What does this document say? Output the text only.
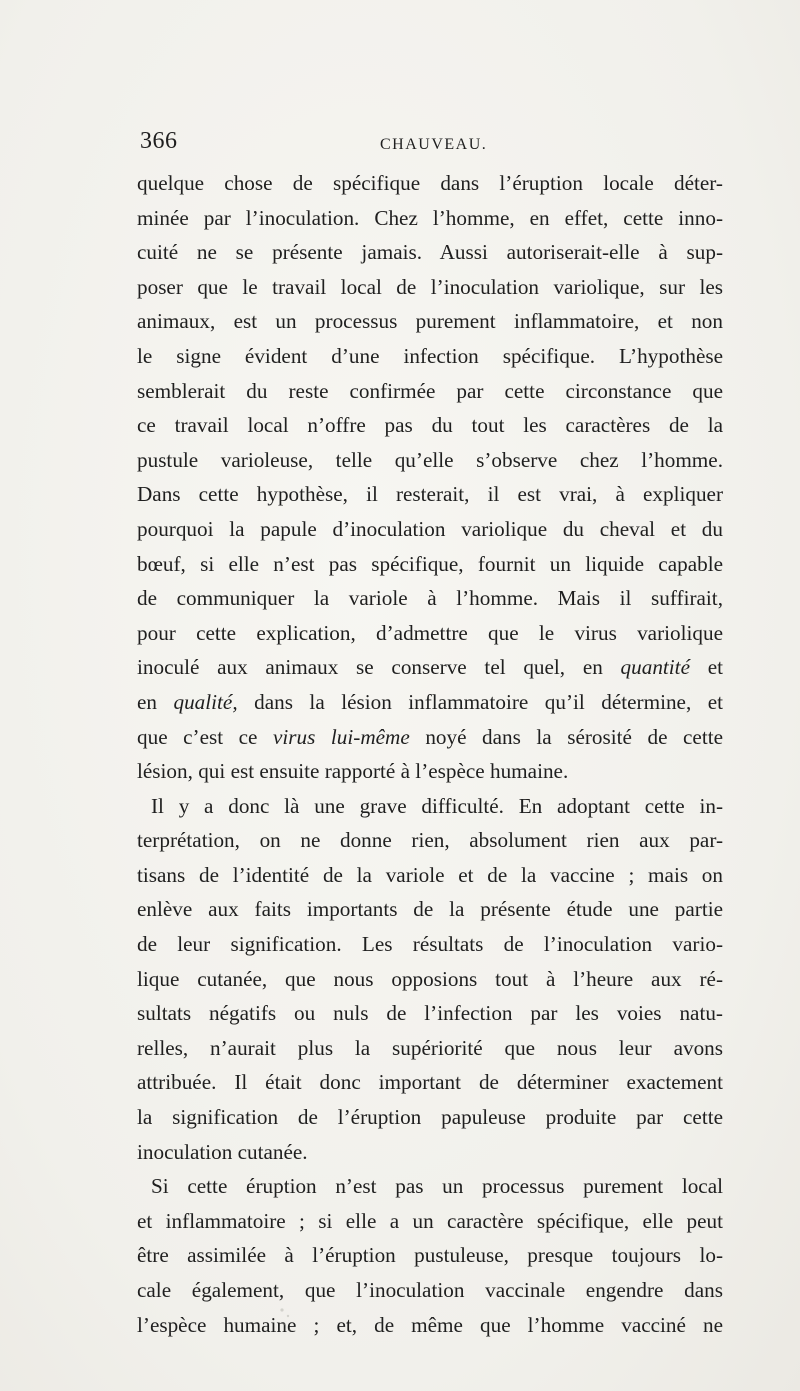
366	CHAUVEAU.
quelque chose de spécifique dans l’éruption locale déter-
minée par l’inoculation. Chez l’homme, en effet, cette inno-
cuité ne se présente jamais. Aussi autoriserait-elle à sup-
poser que le travail local de l’inoculation variolique, sur les
animaux, est un processus purement inflammatoire, et non
le signe évident d’une infection spécifique. L’hypothèse
semblerait du reste confirmée par cette circonstance que
ce travail local n’offre pas du tout les caractères de la
pustule varioleuse, telle qu’elle s’observe chez l’homme.
Dans cette hypothèse, il resterait, il est vrai, à expliquer
pourquoi la papule d’inoculation variolique du cheval et du
bœuf, si elle n’est pas spécifique, fournit un liquide capable
de communiquer la variole à l’homme. Mais il suffirait,
pour cette explication, d’admettre que le virus variolique
inoculé aux animaux se conserve tel quel, en quantité et
en qualité, dans la lésion inflammatoire qu’il détermine, et
que c’est ce virus lui-même noyé dans la sérosité de cette
lésion, qui est ensuite rapporté à l’espèce humaine.
Il y a donc là une grave difficulté. En adoptant cette in-
terprétation, on ne donne rien, absolument rien aux par-
tisans de l’identité de la variole et de la vaccine ; mais on
enlève aux faits importants de la présente étude une partie
de leur signification. Les résultats de l’inoculation vario-
lique cutanée, que nous opposions tout à l’heure aux ré-
sultats négatifs ou nuls de l’infection par les voies natu-
relles, n’aurait plus la supériorité que nous leur avons
attribuée. Il était donc important de déterminer exactement
la signification de l’éruption papuleuse produite par cette
inoculation cutanée.
Si cette éruption n’est pas un processus purement local
et inflammatoire ; si elle a un caractère spécifique, elle peut
être assimilée à l’éruption pustuleuse, presque toujours lo-
cale également, que l’inoculation vaccinale engendre dans
l’espèce humaine ; et, de même que l’homme vacciné ne
